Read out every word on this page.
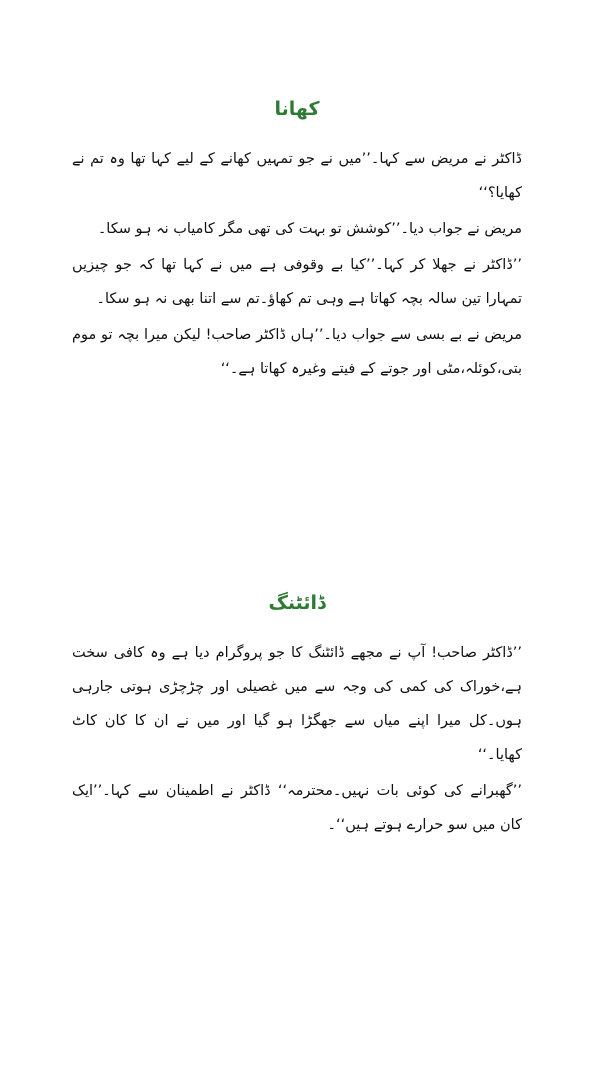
کھانا

ڈاکٹر نے مریض سے کہا۔’’میں نے جو تمہیں کھانے کے لیے کہا تھا وہ تم نے کھایا؟‘‘

مریض نے جواب دیا۔’’کوشش تو بہت کی تھی مگر کامیاب نہ ہو سکا۔

’’ڈاکٹر نے جھلا کر کہا۔’’کیا بے وقوفی ہے میں نے کہا تھا کہ جو چیزیں تمہارا تین سالہ بچہ کھاتا ہے وہی تم کھاؤ۔تم سے اتنا بھی نہ ہو سکا۔

مریض نے بے بسی سے جواب دیا۔’’ہاں ڈاکٹر صاحب! لیکن میرا بچہ تو موم بتی،کوئلہ،مٹی اور جوتے کے فیتے وغیرہ کھاتا ہے۔‘‘

ڈائٹنگ

’’ڈاکٹر صاحب! آپ نے مجھے ڈائٹنگ کا جو پروگرام دیا ہے وہ کافی سخت ہے،خوراک کی کمی کی وجہ سے میں غصیلی اور چڑچڑی ہوتی جارہی ہوں۔کل میرا اپنے میاں سے جھگڑا ہو گیا اور میں نے ان کا کان کاٹ کھایا۔‘‘

’’گھبرانے کی کوئی بات نہیں۔محترمہ‘‘ ڈاکٹر نے اطمینان سے کہا۔’’ایک کان میں سو حرارے ہوتے ہیں‘‘۔
